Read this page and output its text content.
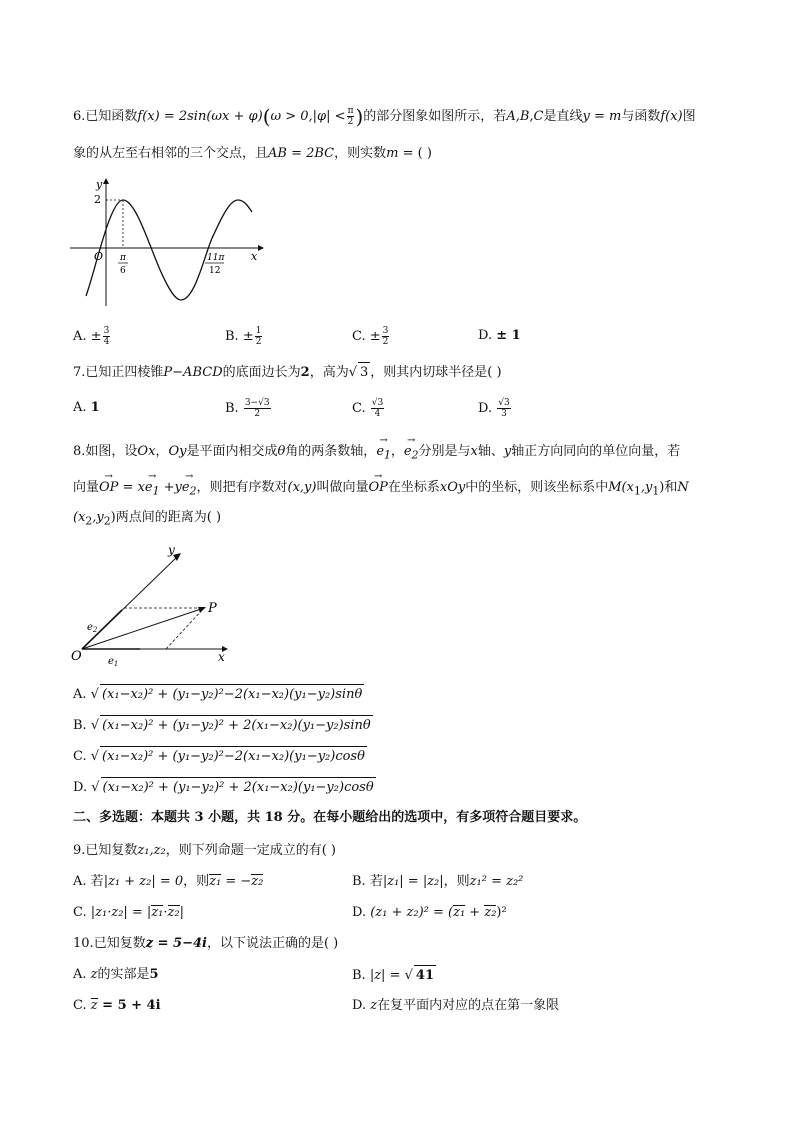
6.已知函数$f(x) = 2\sin(\omega x + \varphi)(\omega > 0,|\varphi| < \frac{\pi}{2}$ )的部分图象如图所示，若A,B,C是直线y = m与函数f(x)图
象的从左至右相邻的三个交点，且AB = 2BC，则实数m = ( )
y
x
O
2
π
6
11π
12
A. ± $\frac{3}{4}$	B. ± $\frac{1}{2}$	C. ± $\frac{3}{2}$	D. ± 1
7.已知正四棱锥P−ABCD的底面边长为2，高为√ 3 ，则其内切球半径是( )
A. 1	B. $\frac{3-√3}{2}$	C. $\frac{√3}{4}$	D. $\frac{√3}{3}$
8.如图，设Ox，Oy是平面内相交成θ角的两条数轴，→ $e_1$，→ $e_2$分别是与x轴、y轴正方向同向的单位向量，若
向量→ OP = $x\to e_1 +y\to e_2$，则把有序数对(x,y)叫做向量→ OP在坐标系xOy中的坐标，则该坐标系中$M(x_1,y_1)$和N
$(x_2,y_2)$两点间的距离为( )
y
x
O
P
$e_1$
$e_2$
A. √ (x₁−x₂)² + (y₁−y₂)²−2(x₁−x₂)(y₁−y₂)sinθ
B. √ (x₁−x₂)² + (y₁−y₂)² + 2(x₁−x₂)(y₁−y₂)sinθ
C. √ (x₁−x₂)² + (y₁−y₂)²−2(x₁−x₂)(y₁−y₂)cosθ
D. √ (x₁−x₂)² + (y₁−y₂)² + 2(x₁−x₂)(y₁−y₂)cosθ
二、多选题：本题共 3 小题，共 18 分。在每小题给出的选项中，有多项符合题目要求。
9.已知复数z₁,z₂，则下列命题一定成立的有( )
A. 若|z₁ + z₂| = 0，则z₁ = −z₂	B. 若|z₁| = |z₂|，则z₁² = z₂²
C. |z₁·z₂| = |z₁·z₂|	D. (z₁ + z₂)² = (z₁ + z₂)²
10.已知复数z = 5−4i，以下说法正确的是( )
A. z的实部是5	B. |z| = √ 41
C. z = 5 + 4i	D. z在复平面内对应的点在第一象限
